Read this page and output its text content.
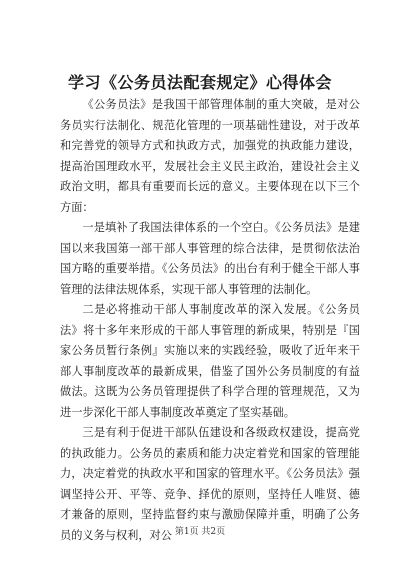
学习《公务员法配套规定》心得体会

《公务员法》是我国干部管理体制的重大突破，是对公务员实行法制化、规范化管理的一项基础性建设，对于改革和完善党的领导方式和执政方式，加强党的执政能力建设，提高治国理政水平，发展社会主义民主政治，建设社会主义政治文明，都具有重要而长远的意义。主要体现在以下三个方面：

一是填补了我国法律体系的一个空白。《公务员法》是建国以来我国第一部干部人事管理的综合法律，是贯彻依法治国方略的重要举措。《公务员法》的出台有利于健全干部人事管理的法律法规体系，实现干部人事管理的法制化。

二是必将推动干部人事制度改革的深入发展。《公务员法》将十多年来形成的干部人事管理的新成果，特别是『国家公务员暂行条例』实施以来的实践经验，吸收了近年来干部人事制度改革的最新成果，借鉴了国外公务员制度的有益做法。这既为公务员管理提供了科学合理的管理规范，又为进一步深化干部人事制度改革奠定了坚实基础。

三是有利于促进干部队伍建设和各级政权建设，提高党的执政能力。公务员的素质和能力决定着党和国家的管理能力，决定着党的执政水平和国家的管理水平。《公务员法》强调坚持公开、平等、竞争、择优的原则，坚持任人唯贤、德才兼备的原则，坚持监督约束与激励保障并重，明确了公务员的义务与权利，对公 第1页 共2页
